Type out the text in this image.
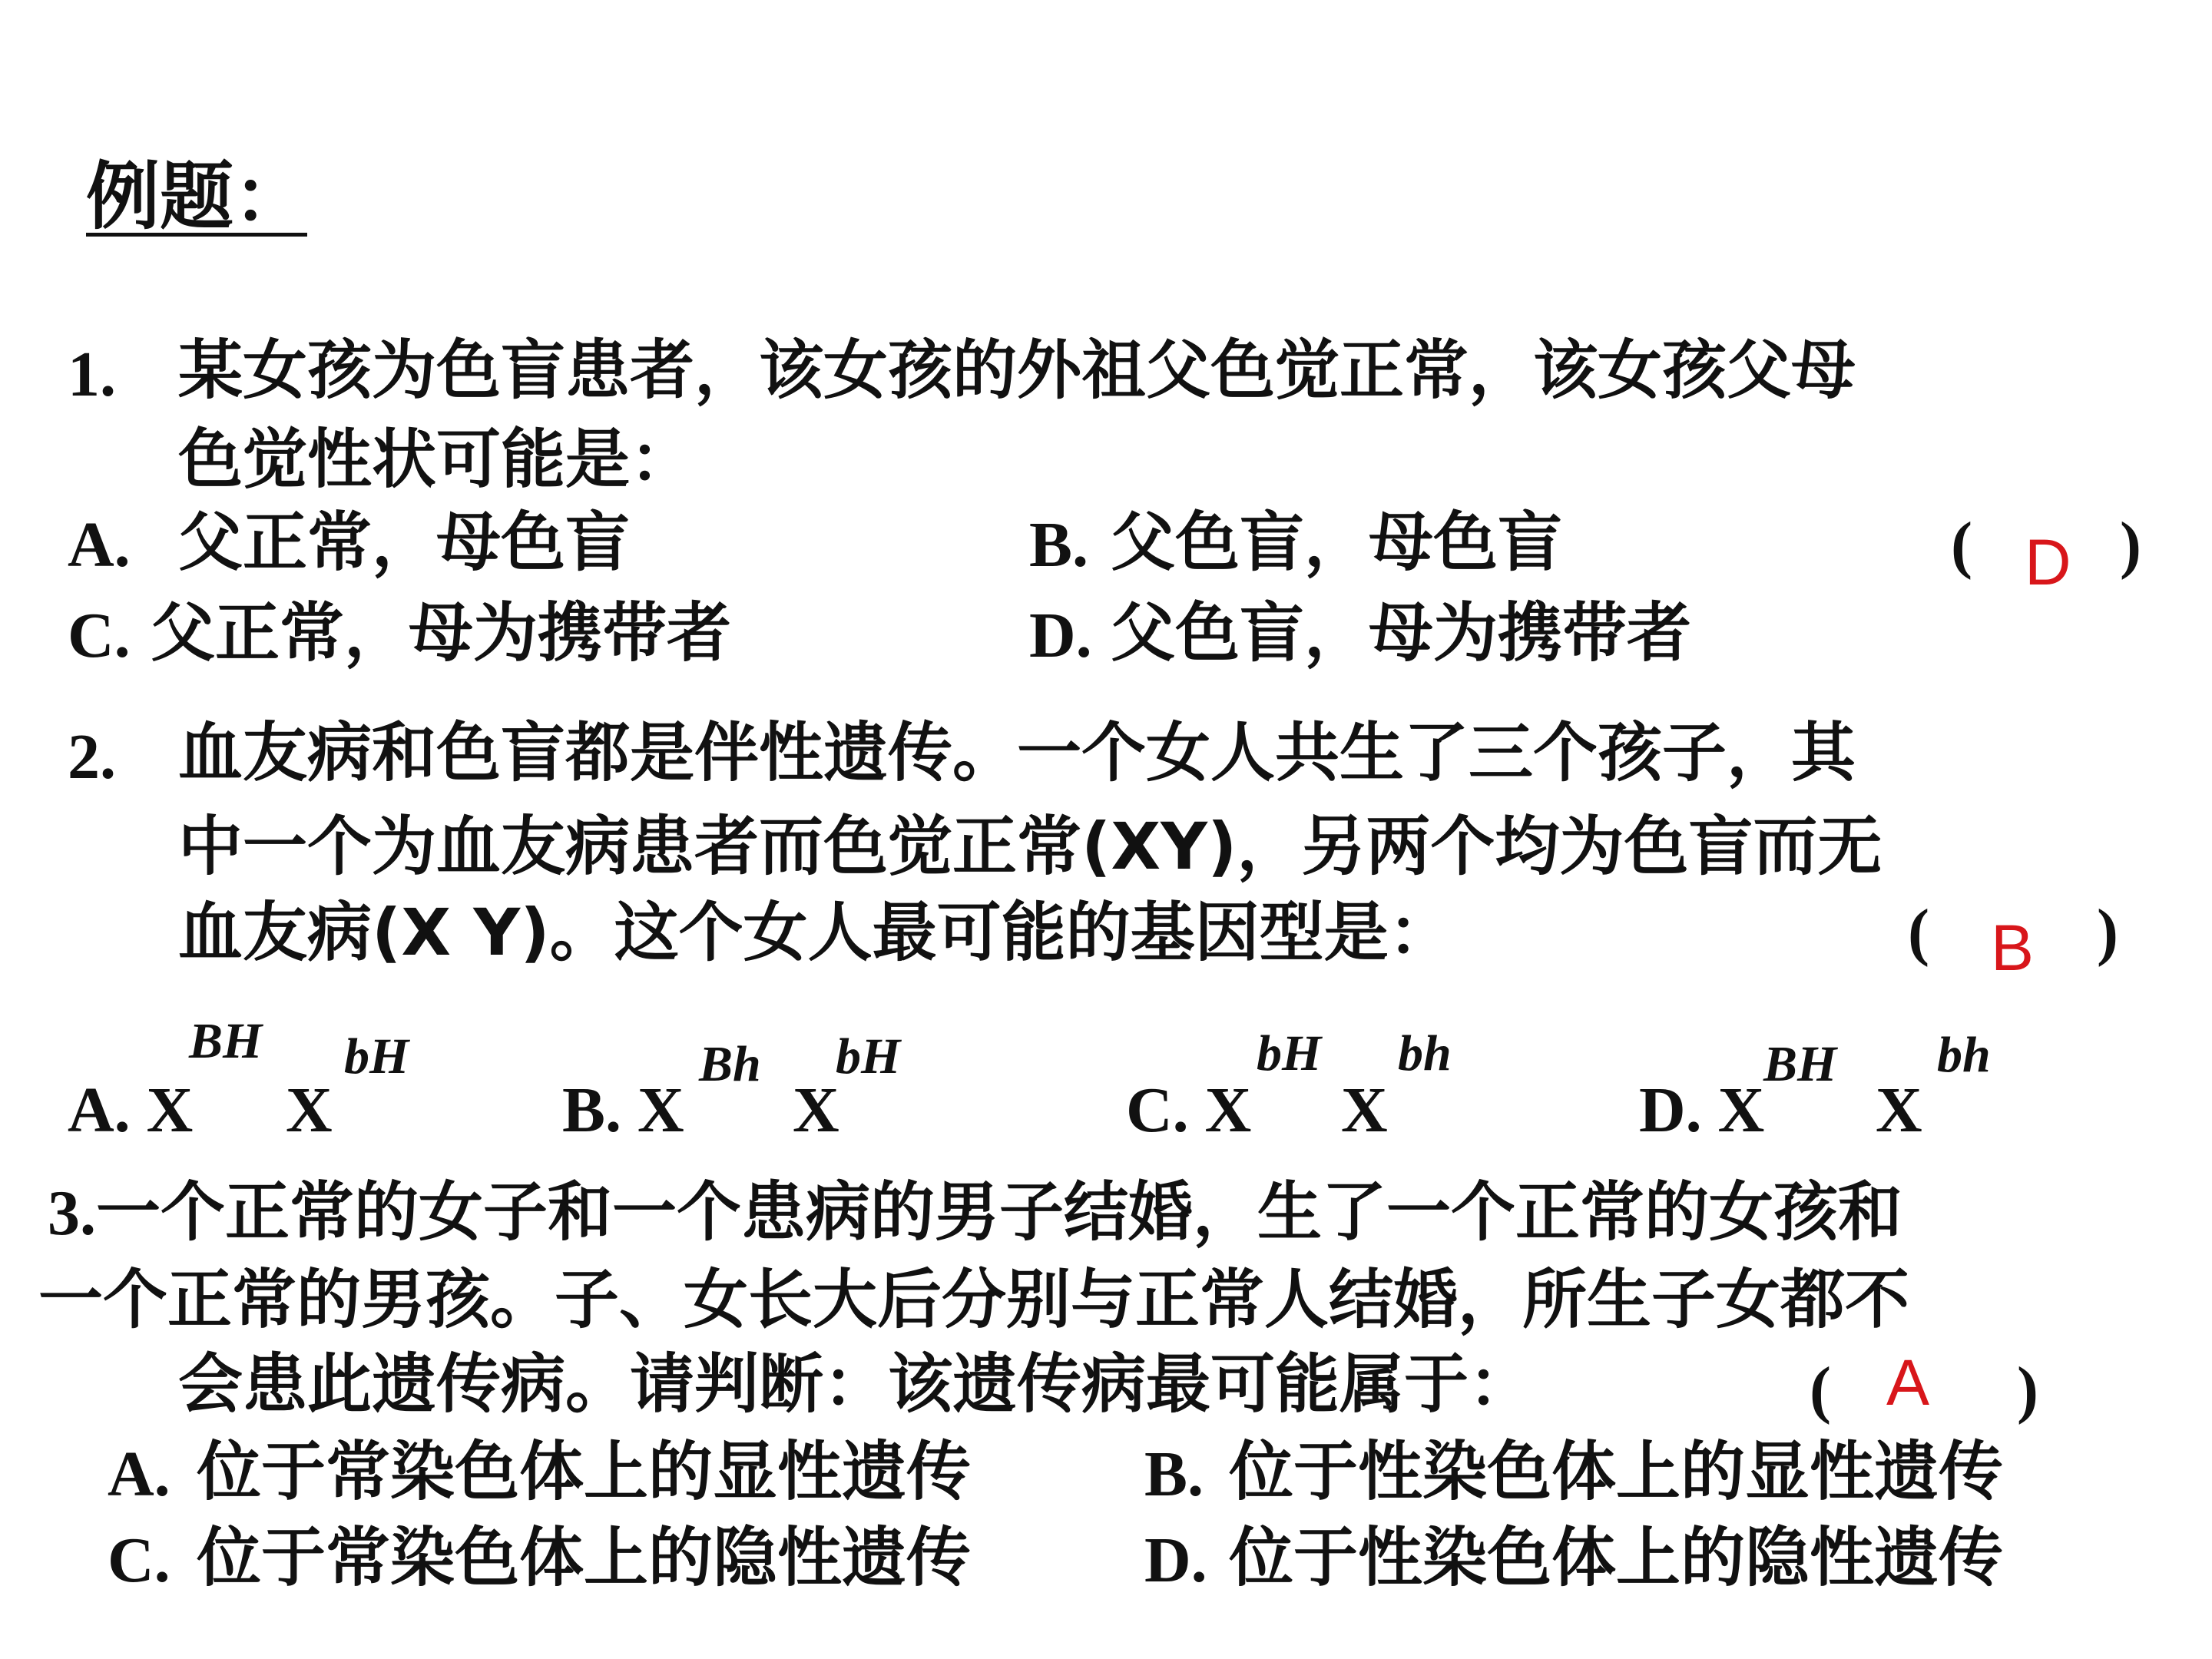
例题：
1. 某女孩为色盲患者，该女孩的外祖父色觉正常，该女孩父母
色觉性状可能是：
A. 父正常，母色盲	B. 父色盲，母色盲	( D )
C. 父正常，母为携带者	D. 父色盲，母为携带者
2. 血友病和色盲都是伴性遗传。一个女人共生了三个孩子，其
中一个为血友病患者而色觉正常(XY)，另两个均为色盲而无
血友病(X Y)。这个女人最可能的基因型是：	( B )
A. X
BH
X
bH
B. X
Bh
X
bH
C. X
bH
X
bh
D. X
BH
X
bh
3.一个正常的女子和一个患病的男子结婚，生了一个正常的女孩和
一个正常的男孩。子、女长大后分别与正常人结婚，所生子女都不
会患此遗传病。请判断：该遗传病最可能属于：	( A )
A. 位于常染色体上的显性遗传	B. 位于性染色体上的显性遗传
C. 位于常染色体上的隐性遗传	D. 位于性染色体上的隐性遗传
